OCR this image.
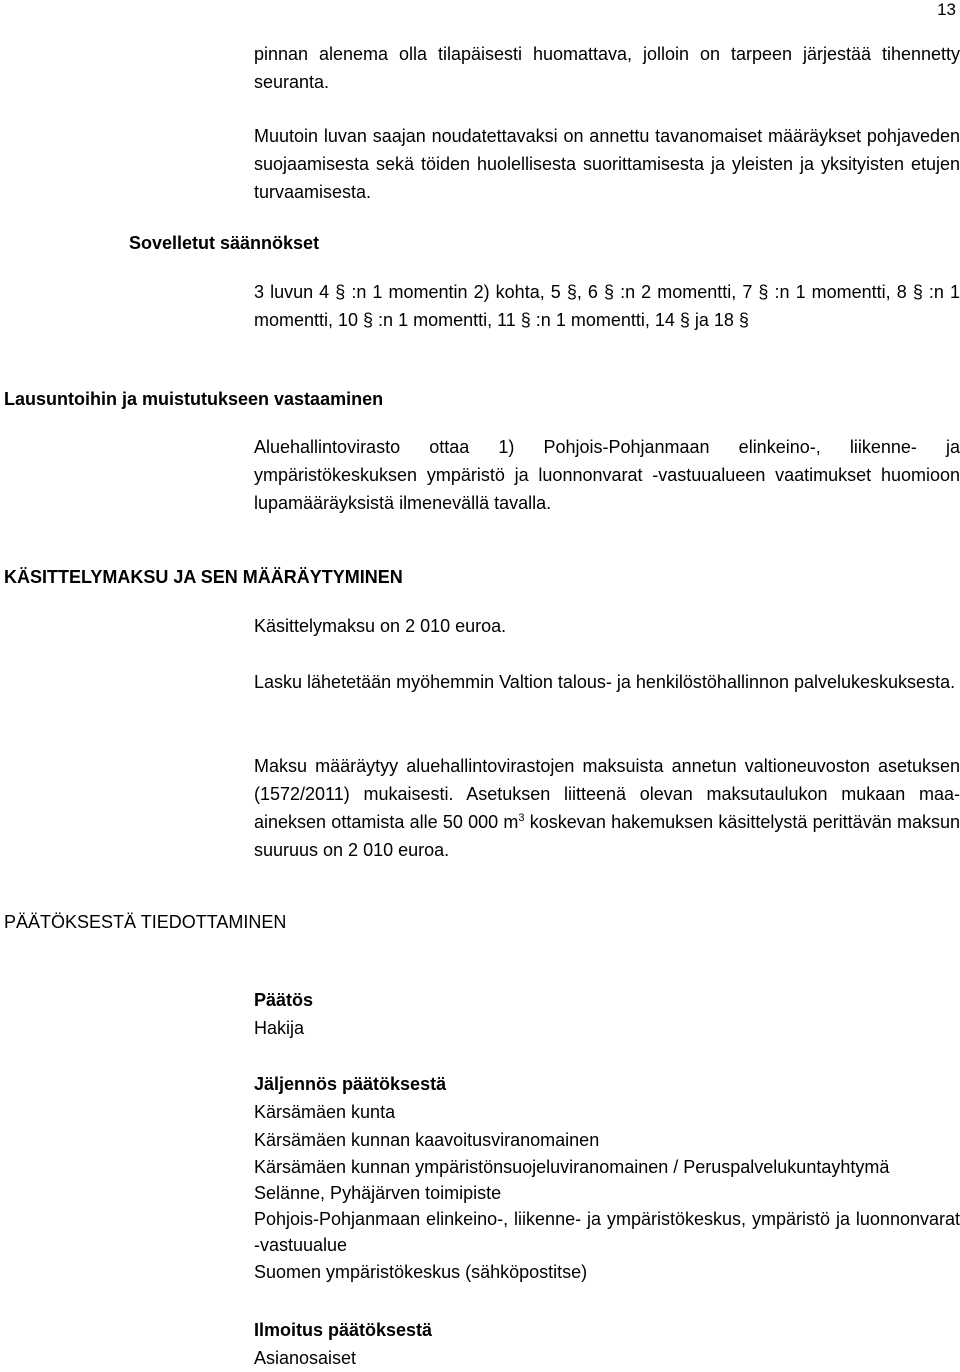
13

pinnan alenema olla tilapäisesti huomattava, jolloin on tarpeen järjestää tihennetty seuranta.

Muutoin luvan saajan noudatettavaksi on annettu tavanomaiset määräykset pohjaveden suojaamisesta sekä töiden huolellisesta suorittamisesta ja yleisten ja yksityisten etujen turvaamisesta.

Sovelletut säännökset

3 luvun 4 § :n 1 momentin 2) kohta, 5 §, 6 § :n 2 momentti, 7 § :n 1 momentti, 8 § :n 1 momentti, 10 § :n 1 momentti, 11 § :n 1 momentti, 14 § ja 18 §

Lausuntoihin ja muistutukseen vastaaminen

Aluehallintovirasto ottaa 1) Pohjois-Pohjanmaan elinkeino-, liikenne- ja ympäristökeskuksen ympäristö ja luonnonvarat -vastuualueen vaatimukset huomioon lupamääräyksistä ilmenevällä tavalla.

KÄSITTELYMAKSU JA SEN MÄÄRÄYTYMINEN

Käsittelymaksu on 2 010 euroa.

Lasku lähetetään myöhemmin Valtion talous- ja henkilöstöhallinnon palvelukeskuksesta.

Maksu määräytyy aluehallintovirastojen maksuista annetun valtioneuvoston asetuksen (1572/2011) mukaisesti. Asetuksen liitteenä olevan maksutaulukon mukaan maa-aineksen ottamista alle 50 000 $m^3$ koskevan hakemuksen käsittelystä perittävän maksun suuruus on 2 010 euroa.

PÄÄTÖKSESTÄ TIEDOTTAMINEN
Päätös
Hakija
Jäljennös päätöksestä
Kärsämäen kunta
Kärsämäen kunnan kaavoitusviranomainen

Kärsämäen kunnan ympäristönsuojeluviranomainen / Peruspalvelukuntayhtymä Selänne, Pyhäjärven toimipiste

Pohjois-Pohjanmaan elinkeino-, liikenne- ja ympäristökeskus, ympäristö ja luonnonvarat -vastuualue

Suomen ympäristökeskus (sähköpostitse)
Ilmoitus päätöksestä
Asianosaiset
